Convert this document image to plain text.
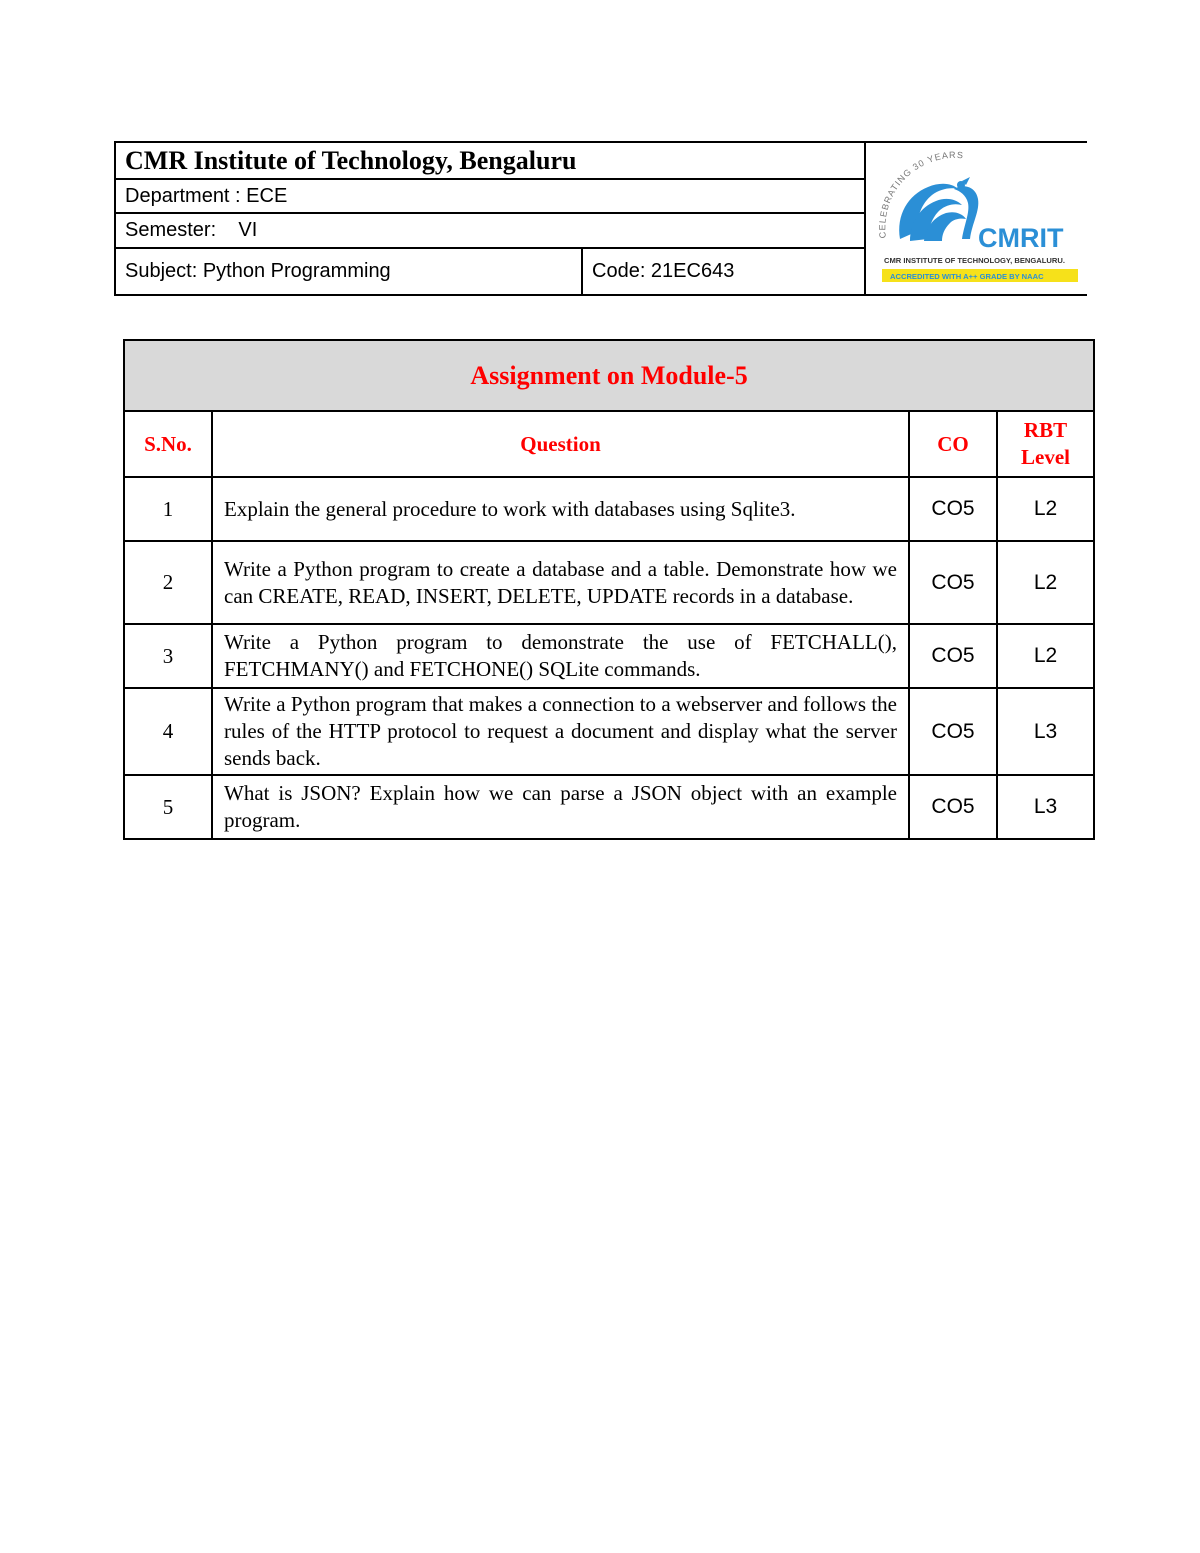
CMR Institute of Technology, Bengaluru
Department : ECE
Semester:    VI
Subject: Python Programming	Code: 21EC643
CELEBRATING 30 YEARS
CMRIT
CMR INSTITUTE OF TECHNOLOGY, BENGALURU.
ACCREDITED WITH A++ GRADE BY NAAC
Assignment on Module-5			
S.No.	Question	CO	RBT
Level
1	Explain the general procedure to work with databases using Sqlite3.	CO5	L2
2	Write a Python program to create a database and a table. Demonstrate how we can CREATE, READ, INSERT, DELETE, UPDATE records in a database.	CO5	L2
3	Write a Python program to demonstrate the use of FETCHALL(), FETCHMANY() and FETCHONE() SQLite commands.	CO5	L2
4	Write a Python program that makes a connection to a webserver and follows the rules of the HTTP protocol to request a document and display what the server sends back.	CO5	L3
5	What is JSON? Explain how we can parse a JSON object with an example program.	CO5	L3
